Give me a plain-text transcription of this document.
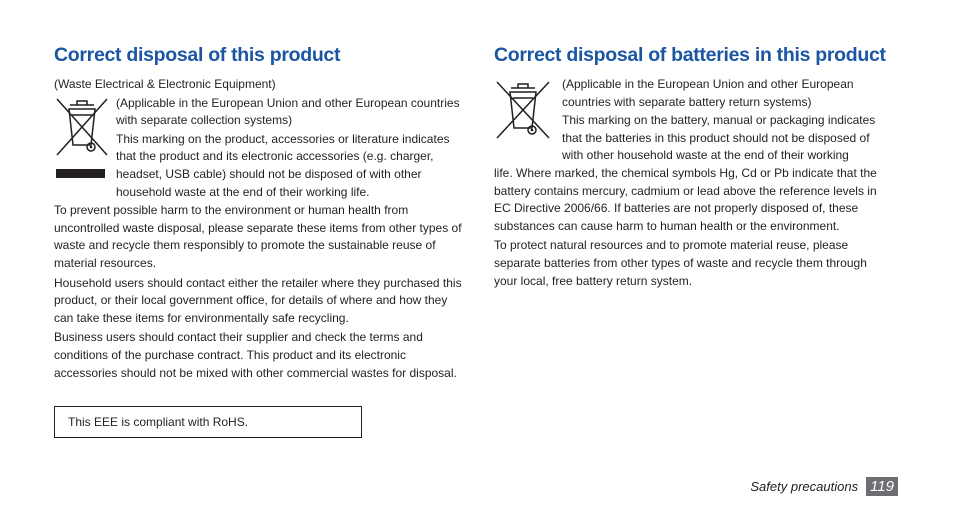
Correct disposal of this product

(Waste Electrical & Electronic Equipment)

(Applicable in the European Union and other European countries with separate collection systems)

This marking on the product, accessories or literature indicates that the product and its electronic accessories (e.g. charger, headset, USB cable) should not be disposed of with other household waste at the end of their working life.

To prevent possible harm to the environment or human health from uncontrolled waste disposal, please separate these items from other types of waste and recycle them responsibly to promote the sustainable reuse of material resources.

Household users should contact either the retailer where they purchased this product, or their local government office, for details of where and how they can take these items for environmentally safe recycling.

Business users should contact their supplier and check the terms and conditions of the purchase contract. This product and its electronic accessories should not be mixed with other commercial wastes for disposal.

This EEE is compliant with RoHS.
Correct disposal of batteries in this product

(Applicable in the European Union and other European countries with separate battery return systems)

This marking on the battery, manual or packaging indicates that the batteries in this product should not be disposed of with other household waste at the end of their working

life. Where marked, the chemical symbols Hg, Cd or Pb indicate that the battery contains mercury, cadmium or lead above the reference levels in EC Directive 2006/66. If batteries are not properly disposed of, these substances can cause harm to human health or the environment.

To protect natural resources and to promote material reuse, please separate batteries from other types of waste and recycle them through your local, free battery return system.

Safety precautions 119
